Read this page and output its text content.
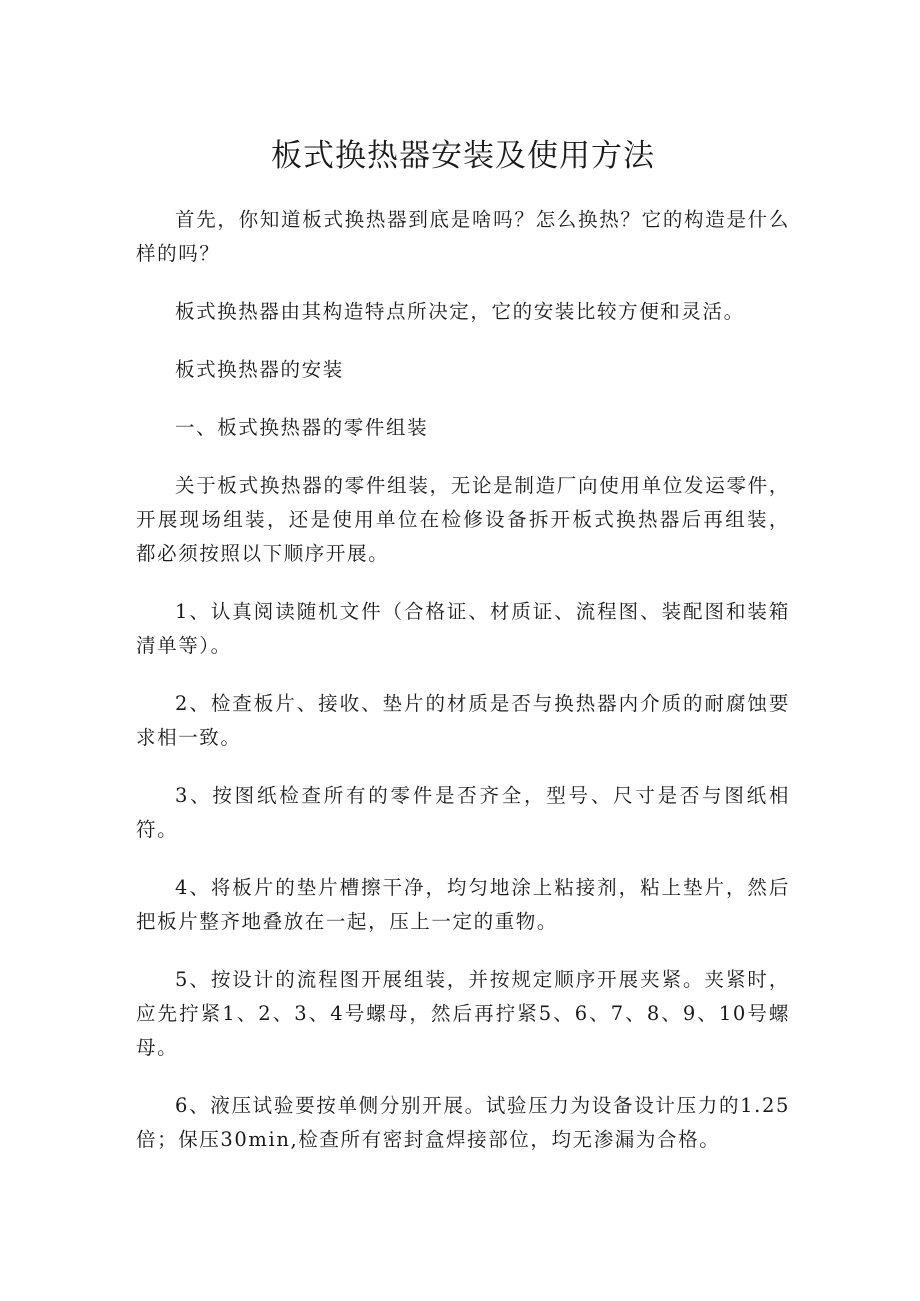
板式换热器安装及使用方法

首先，你知道板式换热器到底是啥吗？怎么换热？它的构造是什么样的吗？

板式换热器由其构造特点所决定，它的安装比较方便和灵活。

板式换热器的安装

一、板式换热器的零件组装

关于板式换热器的零件组装，无论是制造厂向使用单位发运零件，开展现场组装，还是使用单位在检修设备拆开板式换热器后再组装，都必须按照以下顺序开展。

1、认真阅读随机文件（合格证、材质证、流程图、装配图和装箱清单等）。

2、检查板片、接收、垫片的材质是否与换热器内介质的耐腐蚀要求相一致。

3、按图纸检查所有的零件是否齐全，型号、尺寸是否与图纸相符。

4、将板片的垫片槽擦干净，均匀地涂上粘接剂，粘上垫片，然后把板片整齐地叠放在一起，压上一定的重物。

5、按设计的流程图开展组装，并按规定顺序开展夹紧。夹紧时，应先拧紧1、2、3、4号螺母，然后再拧紧5、6、7、8、9、10号螺母。

6、液压试验要按单侧分别开展。试验压力为设备设计压力的1.25倍；保压30min,检查所有密封盒焊接部位，均无渗漏为合格。
